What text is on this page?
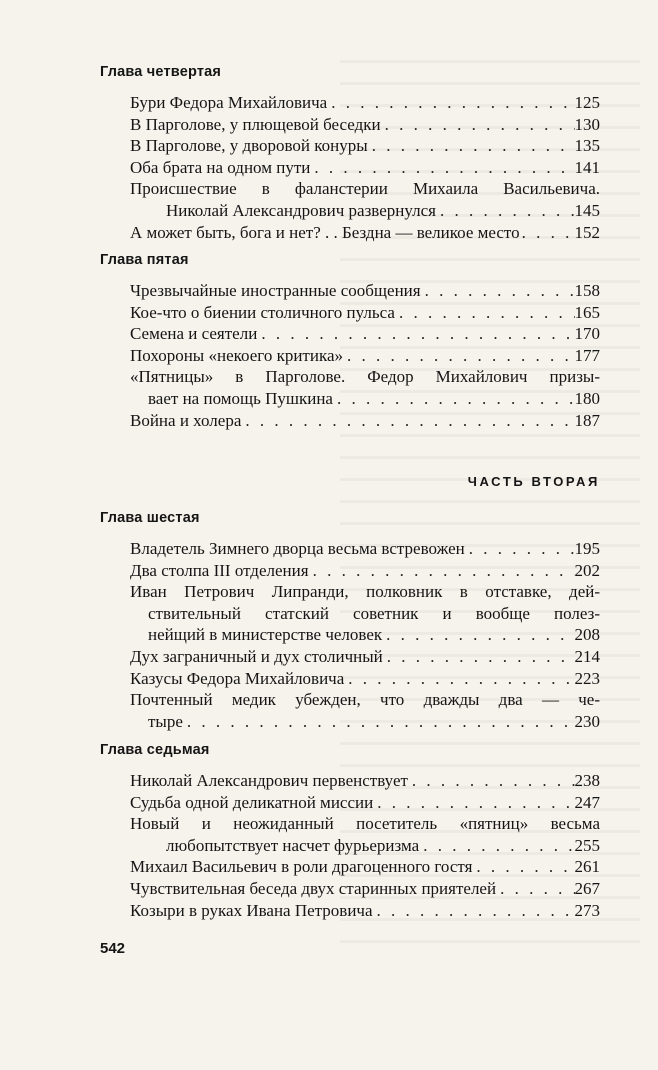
Глава четвертая
Бури Федора Михайловича . . .	125
В Парголове, у плющевой беседки . . .	130
В Парголове, у дворовой конуры . . .	135
Оба брата на одном пути . . .	141
Происшествие в фаланстерии Михаила Васильевича.
Николай Александрович развернулся . . .	145
А может быть, бога и нет? . . Бездна — великое место . . .	152
Глава пятая
Чрезвычайные иностранные сообщения . . .	158
Кое-что о биении столичного пульса . . .	165
Семена и сеятели . . .	170
Похороны «некоего критика» . . .	177
«Пятницы» в Парголове. Федор Михайлович призы-
вает на помощь Пушкина . . .	180
Война и холера . . .	187
ЧАСТЬ ВТОРАЯ
Глава шестая
Владетель Зимнего дворца весьма встревожен . . .	195
Два столпа III отделения . . .	202
Иван Петрович Липранди, полковник в отставке, дей-
ствительный статский советник и вообще полез-
нейщий в министерстве человек . . .	208
Дух заграничный и дух столичный . . .	214
Казусы Федора Михайловича . . .	223
Почтенный медик убежден, что дважды два — че-
тыре . . .	230
Глава седьмая
Николай Александрович первенствует . . .	238
Судьба одной деликатной миссии . . .	247
Новый и неожиданный посетитель «пятниц» весьма
любопытствует насчет фурьеризма . . .	255
Михаил Васильевич в роли драгоценного гостя . . .	261
Чувствительная беседа двух старинных приятелей . . .	267
Козыри в руках Ивана Петровича . . .	273
542
